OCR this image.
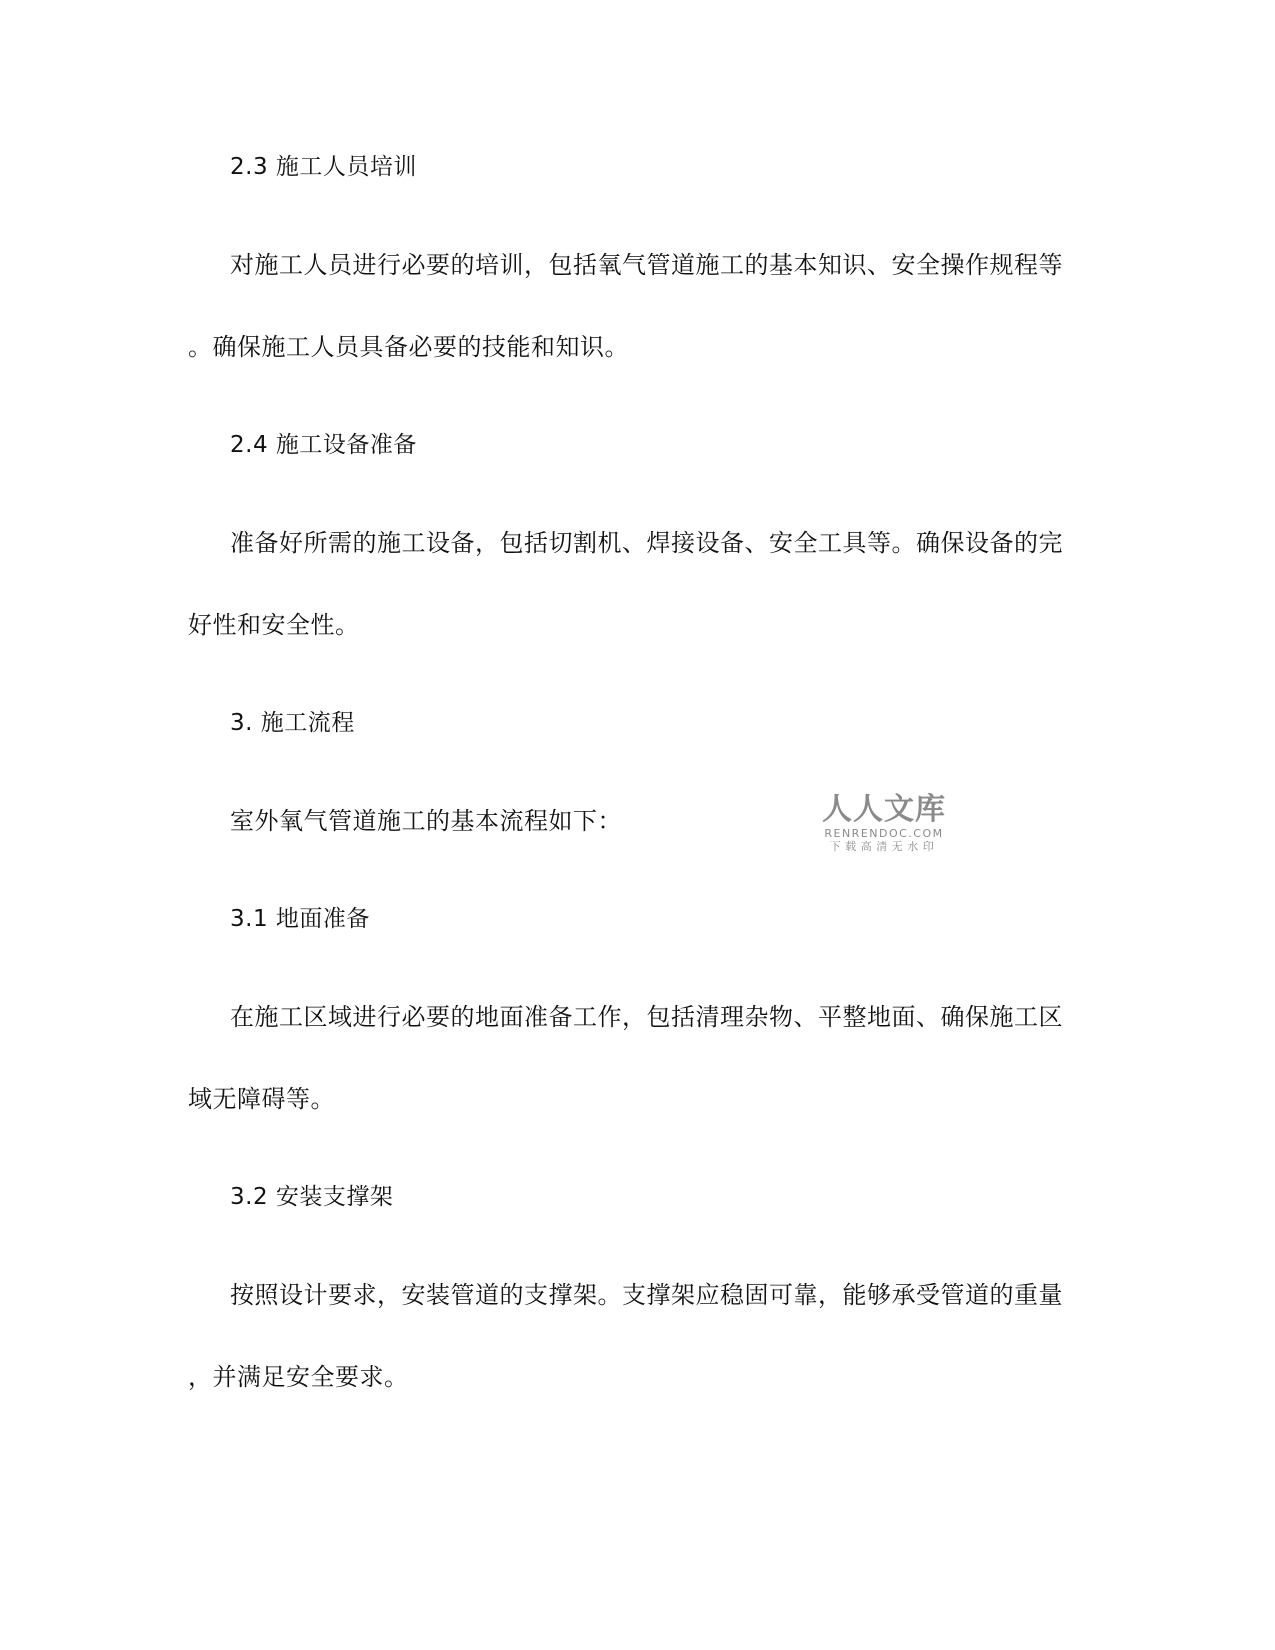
2.3 施工人员培训
对施工人员进行必要的培训，包括氧气管道施工的基本知识、安全操作规程等
。确保施工人员具备必要的技能和知识。
2.4 施工设备准备
准备好所需的施工设备，包括切割机、焊接设备、安全工具等。确保设备的完
好性和安全性。
3. 施工流程
室外氧气管道施工的基本流程如下：
3.1 地面准备
在施工区域进行必要的地面准备工作，包括清理杂物、平整地面、确保施工区
域无障碍等。
3.2 安装支撑架
按照设计要求，安装管道的支撑架。支撑架应稳固可靠，能够承受管道的重量
，并满足安全要求。
人人文库
RENRENDOC.COM
下载高清无水印
